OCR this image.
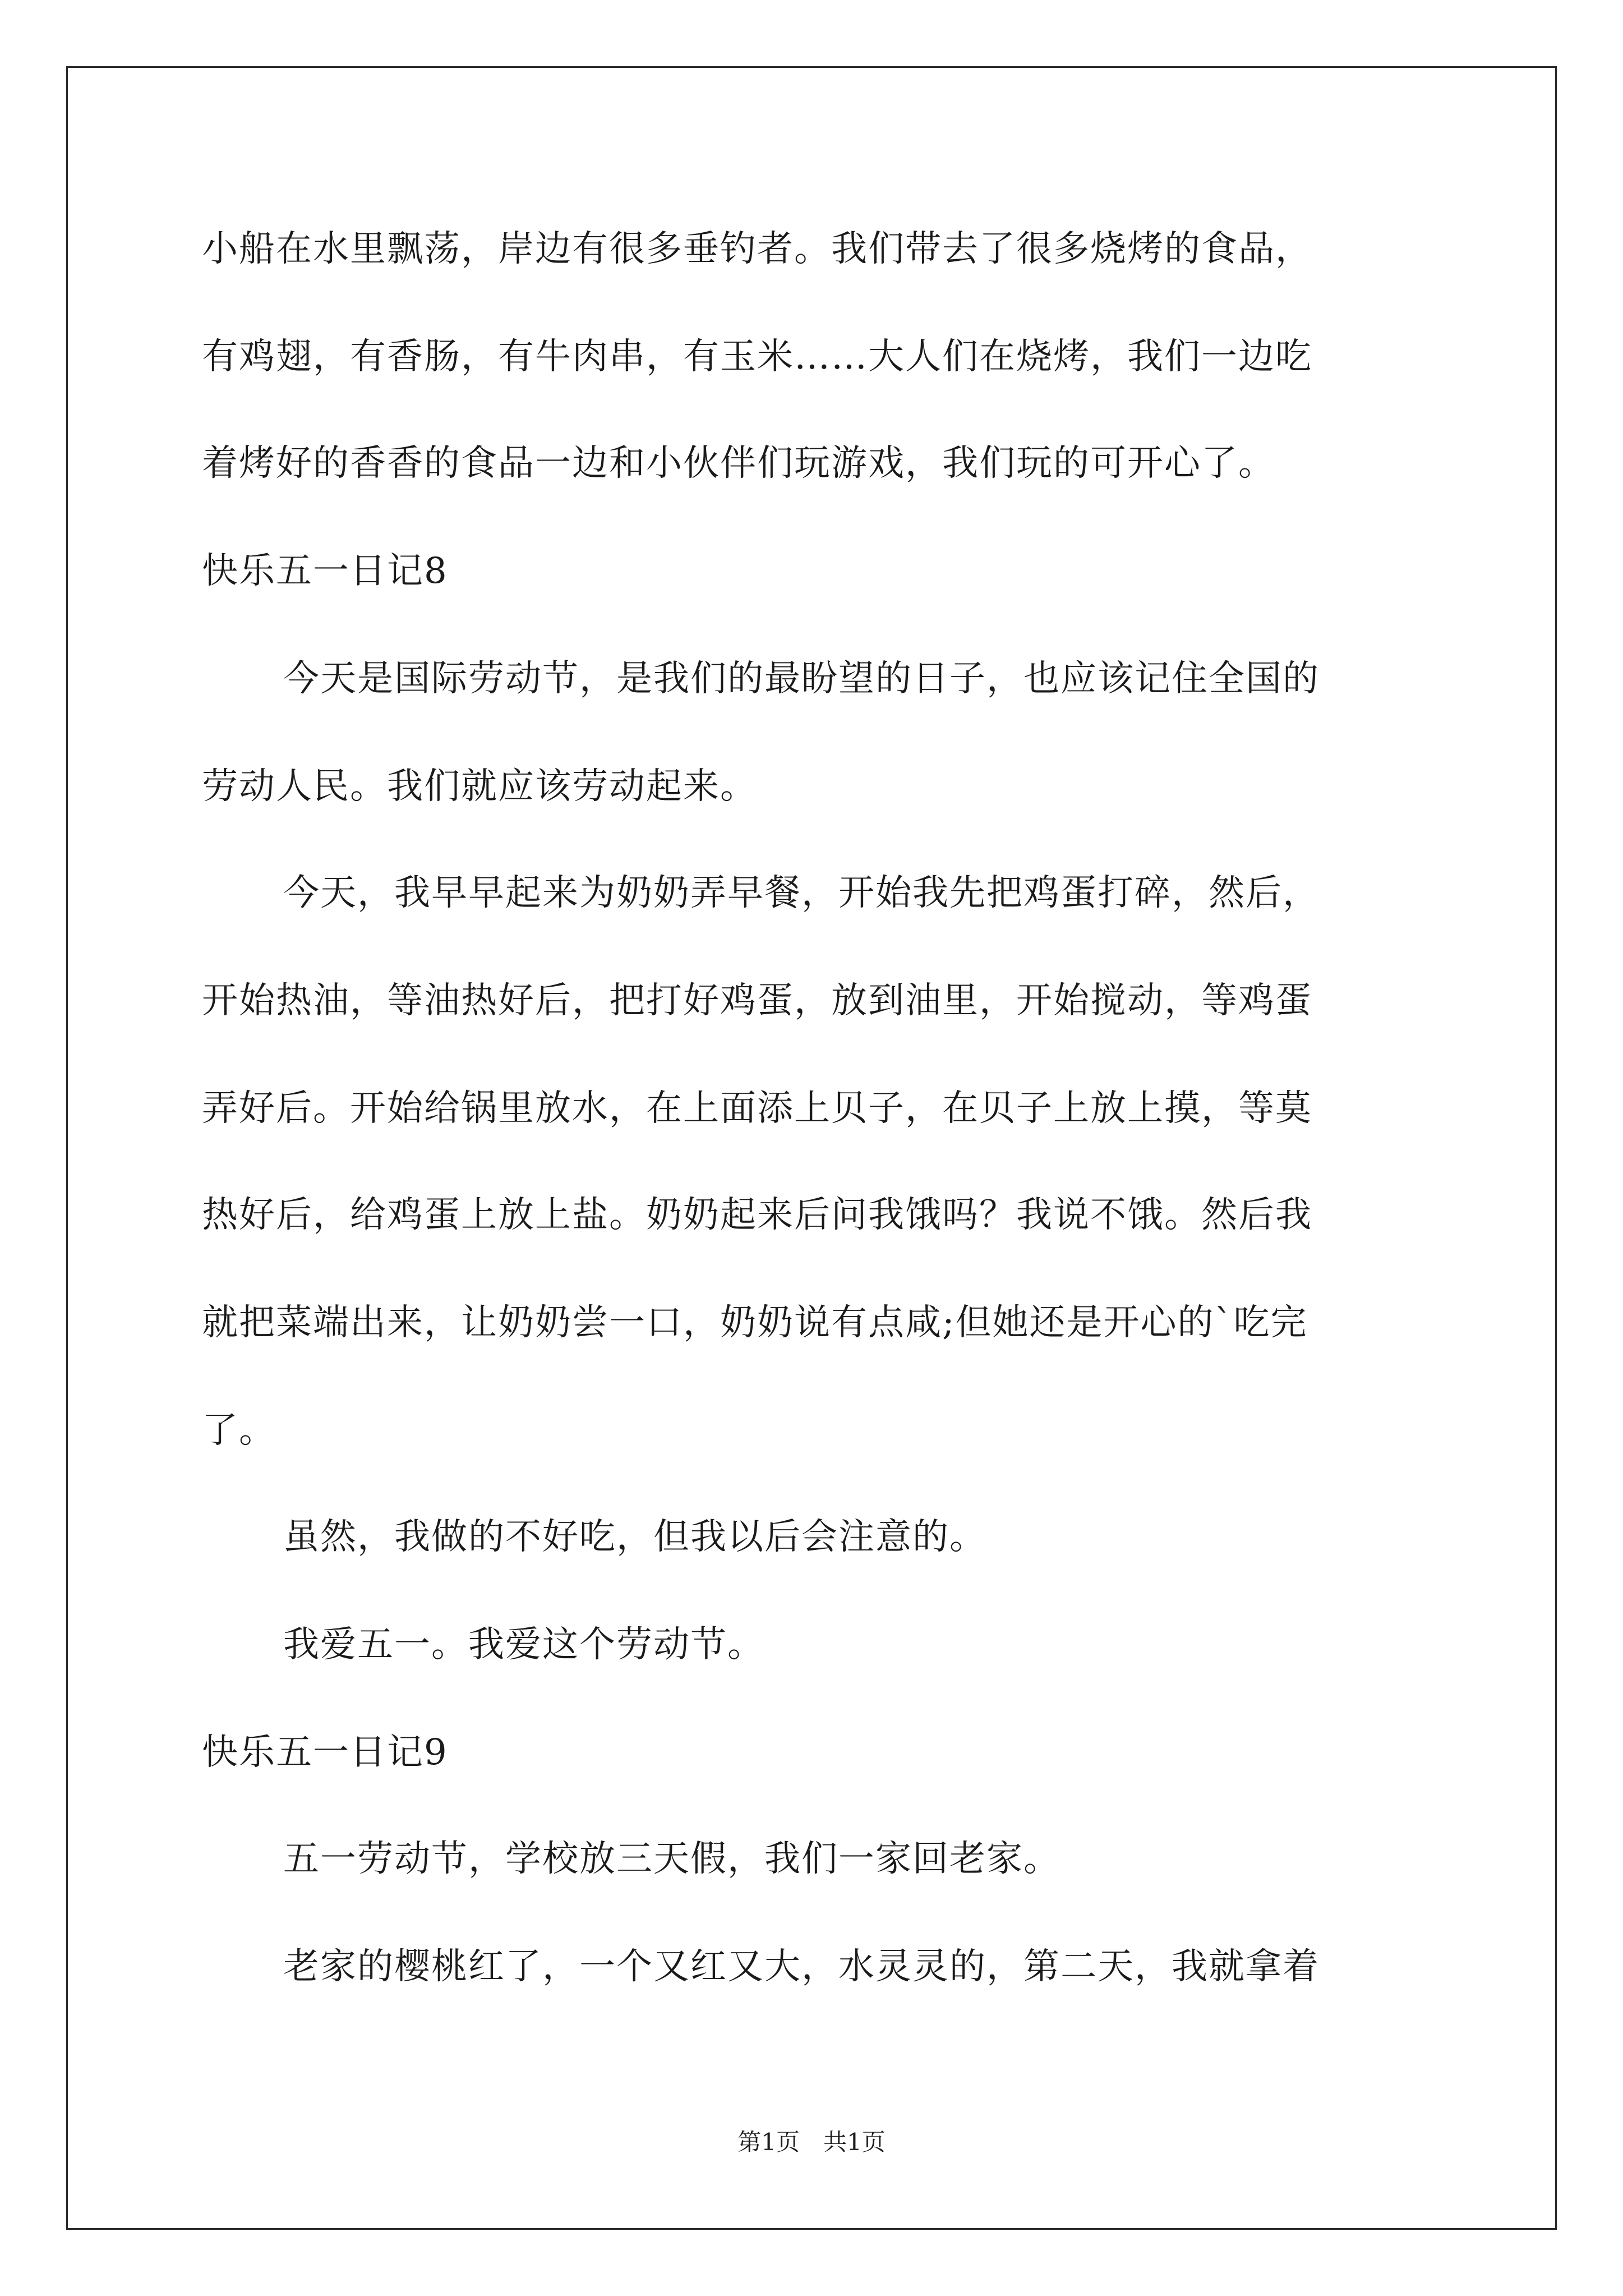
小船在水里飘荡，岸边有很多垂钓者。我们带去了很多烧烤的食品，
有鸡翅，有香肠，有牛肉串，有玉米……大人们在烧烤，我们一边吃
着烤好的香香的食品一边和小伙伴们玩游戏，我们玩的可开心了。
快乐五一日记8
今天是国际劳动节，是我们的最盼望的日子，也应该记住全国的
劳动人民。我们就应该劳动起来。
今天，我早早起来为奶奶弄早餐，开始我先把鸡蛋打碎，然后，
开始热油，等油热好后，把打好鸡蛋，放到油里，开始搅动，等鸡蛋
弄好后。开始给锅里放水，在上面添上贝子，在贝子上放上摸，等莫
热好后，给鸡蛋上放上盐。奶奶起来后问我饿吗？我说不饿。然后我
就把菜端出来，让奶奶尝一口，奶奶说有点咸;但她还是开心的`吃完
了。
虽然，我做的不好吃，但我以后会注意的。
我爱五一。我爱这个劳动节。
快乐五一日记9
五一劳动节，学校放三天假，我们一家回老家。
老家的樱桃红了，一个又红又大，水灵灵的，第二天，我就拿着
第1页　共1页
